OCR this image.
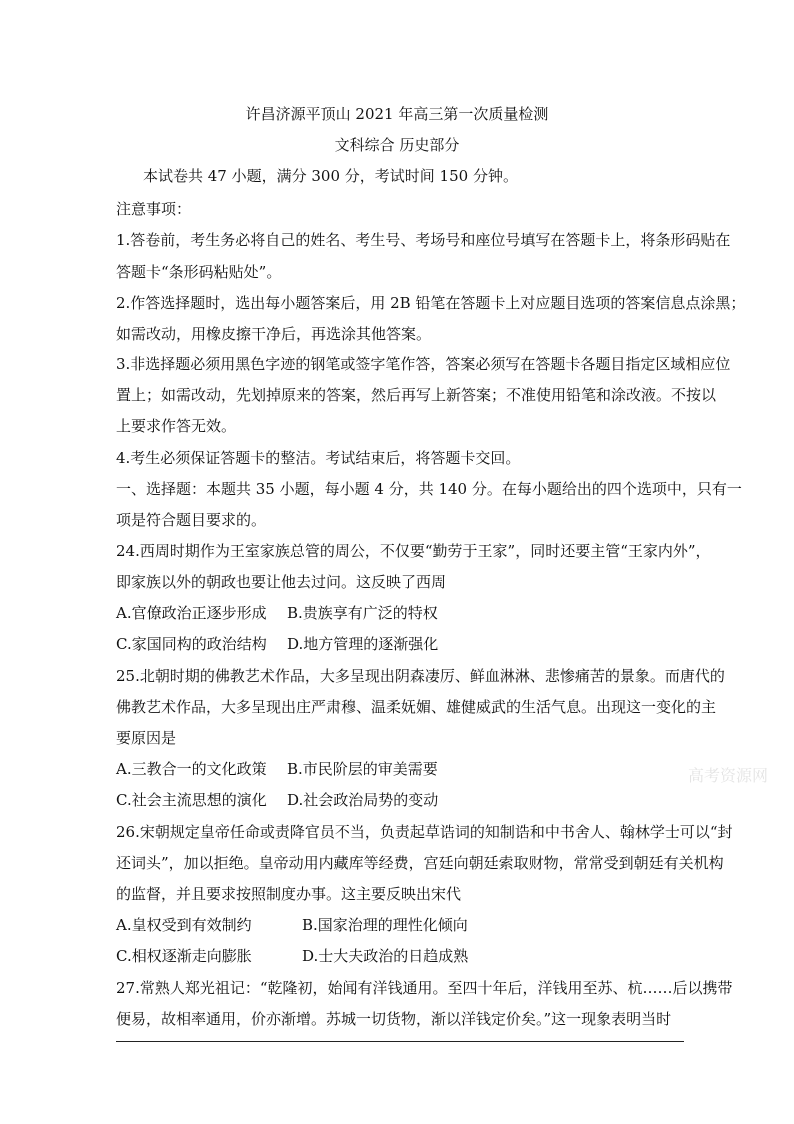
许昌济源平顶山 2021 年高三第一次质量检测
文科综合 历史部分
本试卷共 47 小题，满分 300 分，考试时间 150 分钟。
注意事项：
1.答卷前，考生务必将自己的姓名、考生号、考场号和座位号填写在答题卡上，将条形码贴在
答题卡“条形码粘贴处”。
2.作答选择题时，选出每小题答案后，用 2B 铅笔在答题卡上对应题目选项的答案信息点涂黑；
如需改动，用橡皮擦干净后，再选涂其他答案。
3.非选择题必须用黑色字迹的钢笔或签字笔作答，答案必须写在答题卡各题目指定区域相应位
置上；如需改动，先划掉原来的答案，然后再写上新答案；不准使用铅笔和涂改液。不按以
上要求作答无效。
4.考生必须保证答题卡的整洁。考试结束后，将答题卡交回。
一、选择题：本题共 35 小题，每小题 4 分，共 140 分。在每小题给出的四个选项中，只有一
项是符合题目要求的。
24.西周时期作为王室家族总管的周公，不仅要“勤劳于王家”，同时还要主管“王家内外”，
即家族以外的朝政也要让他去过问。这反映了西周
A.官僚政治正逐步形成 B.贵族享有广泛的特权
C.家国同构的政治结构 D.地方管理的逐渐强化
25.北朝时期的佛教艺术作品，大多呈现出阴森凄厉、鲜血淋淋、悲惨痛苦的景象。而唐代的
佛教艺术作品，大多呈现出庄严肃穆、温柔妩媚、雄健威武的生活气息。出现这一变化的主
要原因是
A.三教合一的文化政策 B.市民阶层的审美需要
C.社会主流思想的演化 D.社会政治局势的变动
26.宋朝规定皇帝任命或责降官员不当，负责起草诰词的知制诰和中书舍人、翰林学士可以“封
还词头”，加以拒绝。皇帝动用内藏库等经费，宫廷向朝廷索取财物，常常受到朝廷有关机构
的监督，并且要求按照制度办事。这主要反映出宋代
A.皇权受到有效制约	B.国家治理的理性化倾向
C.相权逐渐走向膨胀	D.士大夫政治的日趋成熟
27.常熟人郑光祖记：“乾隆初，始闻有洋钱通用。至四十年后，洋钱用至苏、杭……后以携带
便易，故相率通用，价亦渐增。苏城一切货物，渐以洋钱定价矣。”这一现象表明当时
高考资源网
